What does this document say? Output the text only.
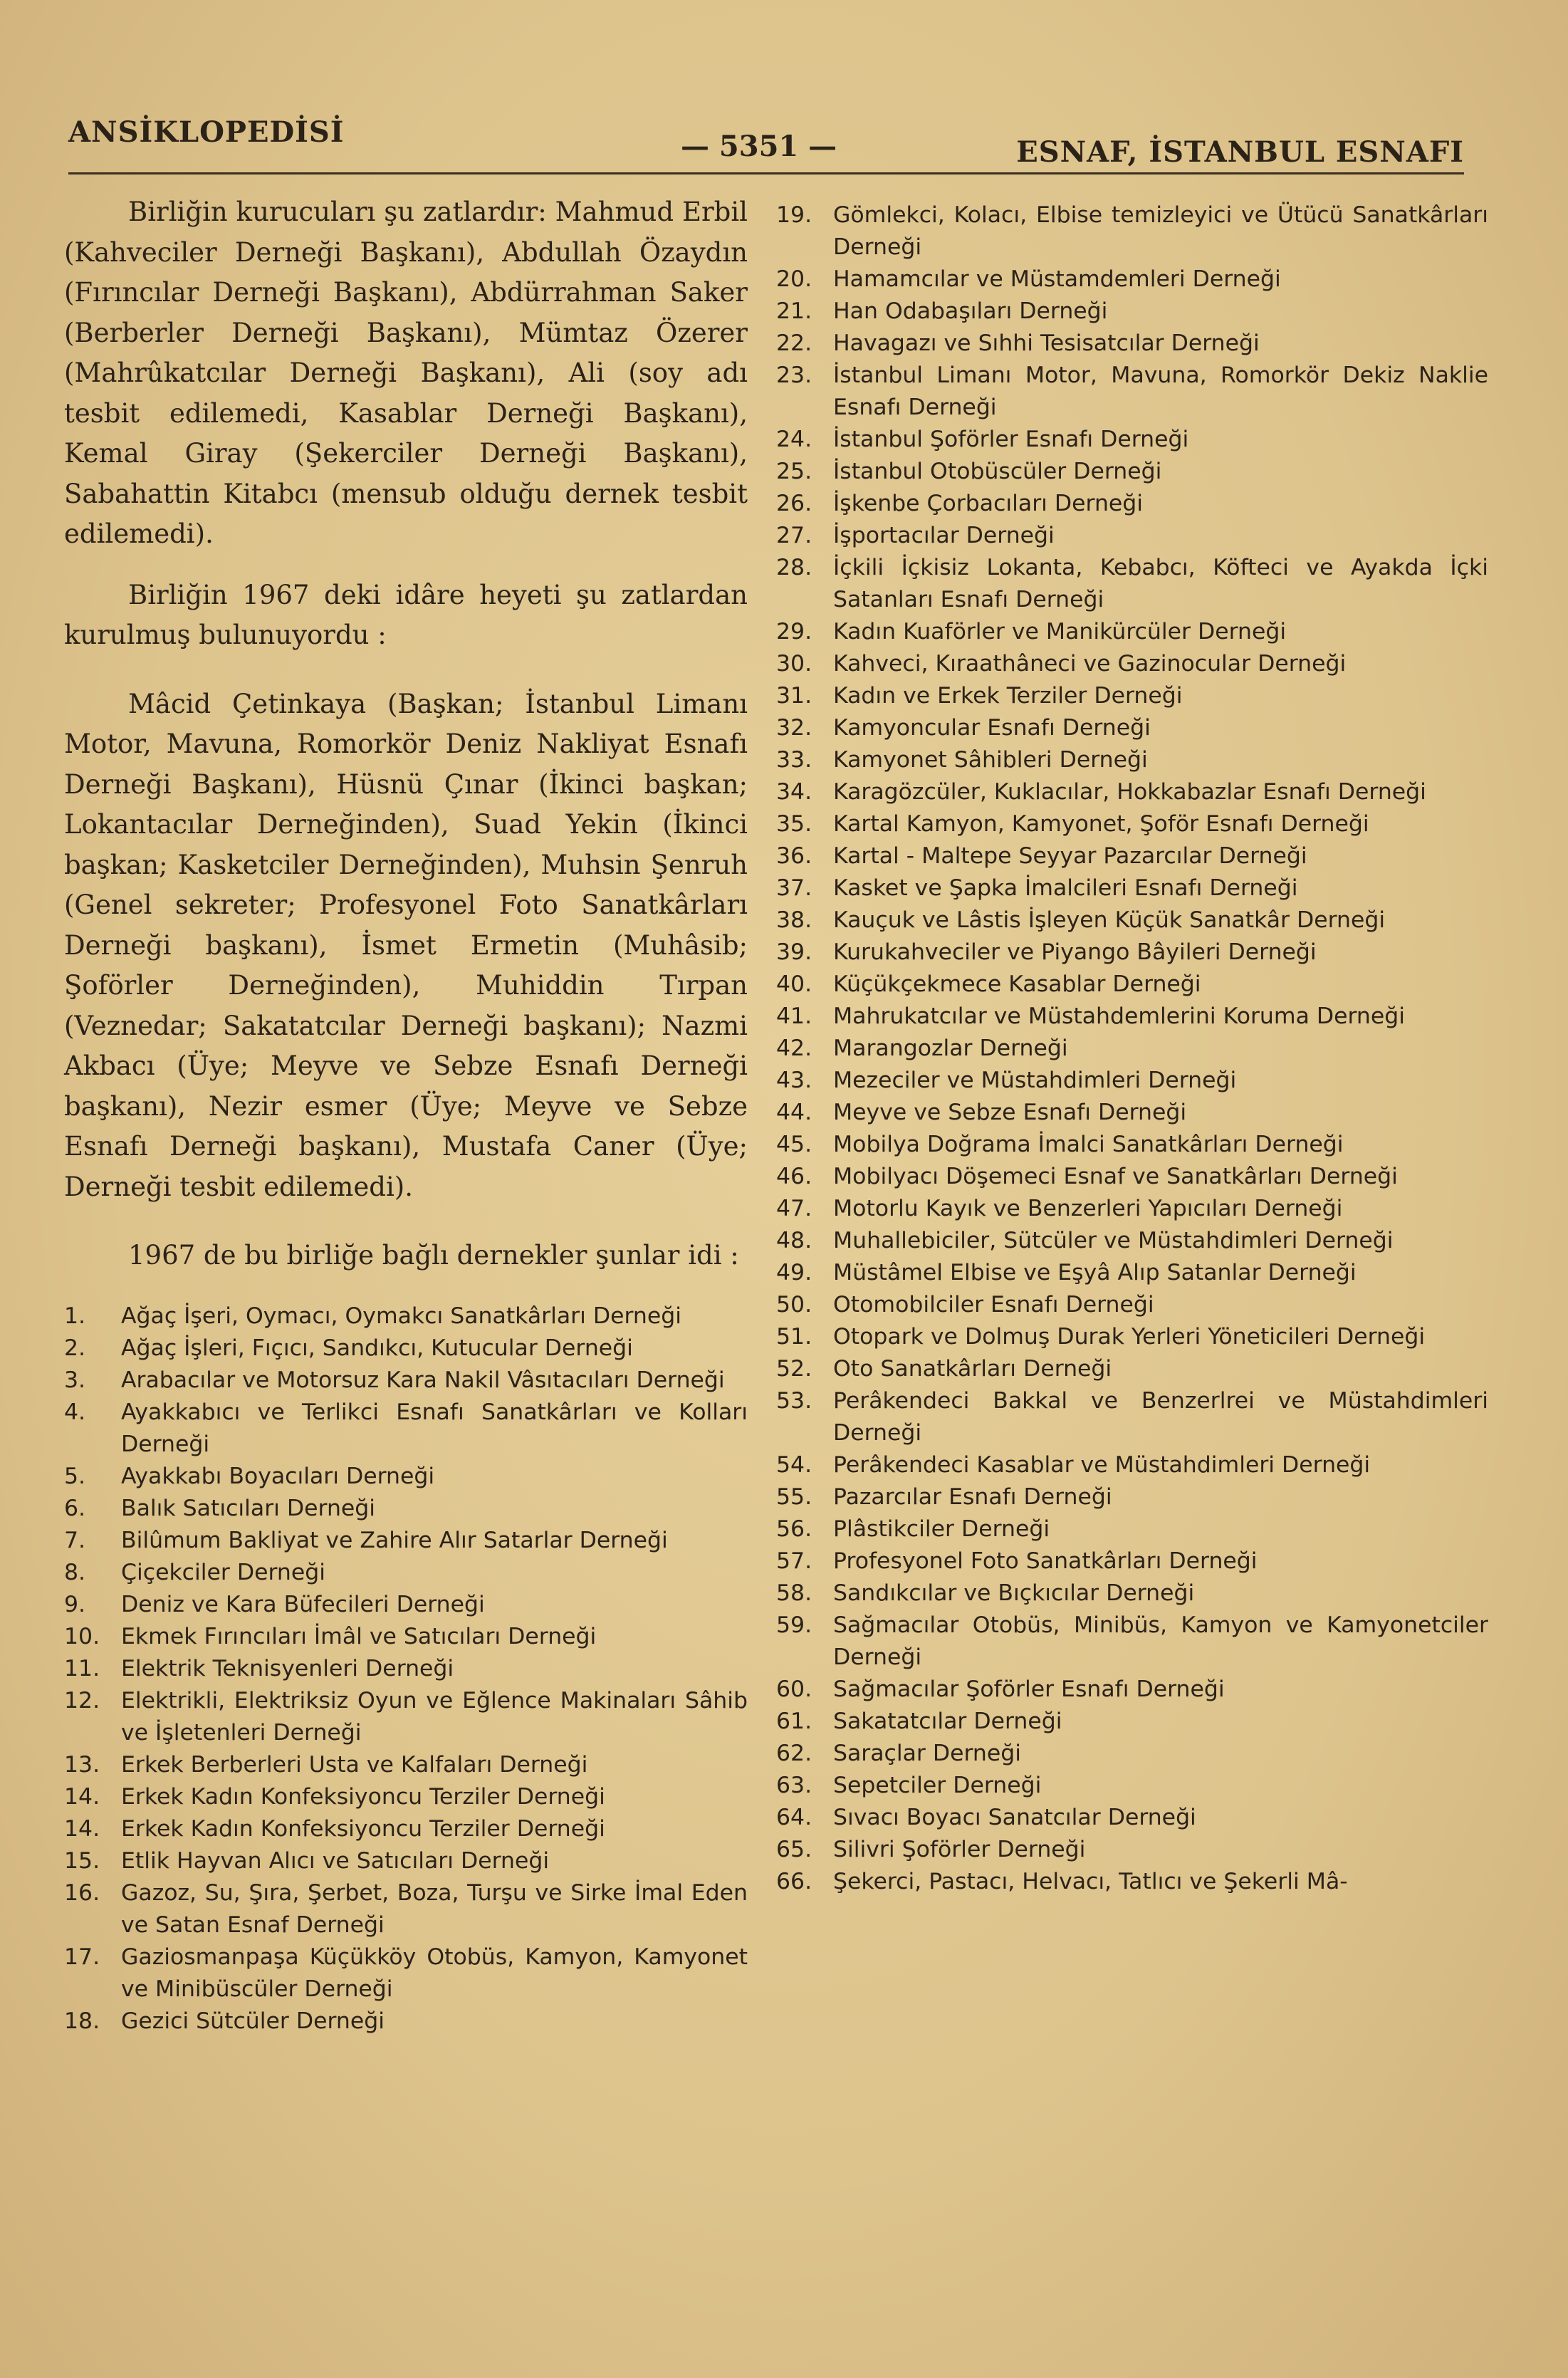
ANSİKLOPEDİSİ	— 5351 —	ESNAF, İSTANBUL ESNAFI

Birliğin kurucuları şu zatlardır: Mahmud Erbil (Kahveciler Derneği Başkanı), Abdullah Özaydın (Fırıncılar Derneği Başkanı), Abdürrahman Saker (Berberler Derneği Başkanı), Mümtaz Özerer (Mahrûkatcılar Derneği Başkanı), Ali (soy adı tesbit edilemedi, Kasablar Derneği Başkanı), Kemal Giray (Şekerciler Derneği Başkanı), Sabahattin Kitabcı (mensub olduğu dernek tesbit edilemedi).

Birliğin 1967 deki idâre heyeti şu zatlardan kurulmuş bulunuyordu :

Mâcid Çetinkaya (Başkan; İstanbul Limanı Motor, Mavuna, Romorkör Deniz Nakliyat Esnafı Derneği Başkanı), Hüsnü Çınar (İkinci başkan; Lokantacılar Derneğinden), Suad Yekin (İkinci başkan; Kasketciler Derneğinden), Muhsin Şenruh (Genel sekreter; Profesyonel Foto Sanatkârları Derneği başkanı), İsmet Ermetin (Muhâsib; Şoförler Derneğinden), Muhiddin Tırpan (Veznedar; Sakatatcılar Derneği başkanı); Nazmi Akbacı (Üye; Meyve ve Sebze Esnafı Derneği başkanı), Nezir esmer (Üye; Meyve ve Sebze Esnafı Derneği başkanı), Mustafa Caner (Üye; Derneği tesbit edilemedi).

1967 de bu birliğe bağlı dernekler şunlar idi :

1.	Ağaç İşeri, Oymacı, Oymakcı Sanatkârları Derneği
2.	Ağaç İşleri, Fıçıcı, Sandıkcı, Kutucular Derneği
3.	Arabacılar ve Motorsuz Kara Nakil Vâsıtacıları Derneği
4.	Ayakkabıcı ve Terlikci Esnafı Sanatkârları ve Kolları Derneği
5.	Ayakkabı Boyacıları Derneği
6.	Balık Satıcıları Derneği
7.	Bilûmum Bakliyat ve Zahire Alır Satarlar Derneği
8.	Çiçekciler Derneği
9.	Deniz ve Kara Büfecileri Derneği
10. Ekmek Fırıncıları İmâl ve Satıcıları Derneği
11. Elektrik Teknisyenleri Derneği
12. Elektrikli, Elektriksiz Oyun ve Eğlence Makinaları Sâhib ve İşletenleri Derneği
13. Erkek Berberleri Usta ve Kalfaları Derneği
14. Erkek Kadın Konfeksiyoncu Terziler Derneği
14. Erkek Kadın Konfeksiyoncu Terziler Derneği
15. Etlik Hayvan Alıcı ve Satıcıları Derneği
16. Gazoz, Su, Şıra, Şerbet, Boza, Turşu ve Sirke İmal Eden ve Satan Esnaf Derneği
17. Gaziosmanpaşa Küçükköy Otobüs, Kamyon, Kamyonet ve Minibüscüler Derneği
18. Gezici Sütcüler Derneği
19. Gömlekci, Kolacı, Elbise temizleyici ve Ütücü Sanatkârları Derneği
20. Hamamcılar ve Müstamdemleri Derneği
21. Han Odabaşıları Derneği
22. Havagazı ve Sıhhi Tesisatcılar Derneği
23. İstanbul Limanı Motor, Mavuna, Romorkör Dekiz Naklie Esnafı Derneği
24. İstanbul Şoförler Esnafı Derneği
25. İstanbul Otobüscüler Derneği
26. İşkenbe Çorbacıları Derneği
27. İşportacılar Derneği
28. İçkili İçkisiz Lokanta, Kebabcı, Köfteci ve Ayakda İçki Satanları Esnafı Derneği
29. Kadın Kuaförler ve Manikürcüler Derneği
30. Kahveci, Kıraathâneci ve Gazinocular Derneği
31. Kadın ve Erkek Terziler Derneği
32. Kamyoncular Esnafı Derneği
33. Kamyonet Sâhibleri Derneği
34. Karagözcüler, Kuklacılar, Hokkabazlar Esnafı Derneği
35. Kartal Kamyon, Kamyonet, Şoför Esnafı Derneği
36. Kartal - Maltepe Seyyar Pazarcılar Derneği
37. Kasket ve Şapka İmalcileri Esnafı Derneği
38. Kauçuk ve Lâstis İşleyen Küçük Sanatkâr Derneği
39. Kurukahveciler ve Piyango Bâyileri Derneği
40. Küçükçekmece Kasablar Derneği
41. Mahrukatcılar ve Müstahdemlerini Koruma Derneği
42. Marangozlar Derneği
43. Mezeciler ve Müstahdimleri Derneği
44. Meyve ve Sebze Esnafı Derneği
45. Mobilya Doğrama İmalci Sanatkârları Derneği
46. Mobilyacı Döşemeci Esnaf ve Sanatkârları Derneği
47. Motorlu Kayık ve Benzerleri Yapıcıları Derneği
48. Muhallebiciler, Sütcüler ve Müstahdimleri Derneği
49. Müstâmel Elbise ve Eşyâ Alıp Satanlar Derneği
50. Otomobilciler Esnafı Derneği
51. Otopark ve Dolmuş Durak Yerleri Yöneticileri Derneği
52. Oto Sanatkârları Derneği
53. Perâkendeci Bakkal ve Benzerlrei ve Müstahdimleri Derneği
54. Perâkendeci Kasablar ve Müstahdimleri Derneği
55. Pazarcılar Esnafı Derneği
56. Plâstikciler Derneği
57. Profesyonel Foto Sanatkârları Derneği
58. Sandıkcılar ve Bıçkıcılar Derneği
59. Sağmacılar Otobüs, Minibüs, Kamyon ve Kamyonetciler Derneği
60. Sağmacılar Şoförler Esnafı Derneği
61. Sakatatcılar Derneği
62. Saraçlar Derneği
63. Sepetciler Derneği
64. Sıvacı Boyacı Sanatcılar Derneği
65. Silivri Şoförler Derneği
66. Şekerci, Pastacı, Helvacı, Tatlıcı ve Şekerli Mâ-
